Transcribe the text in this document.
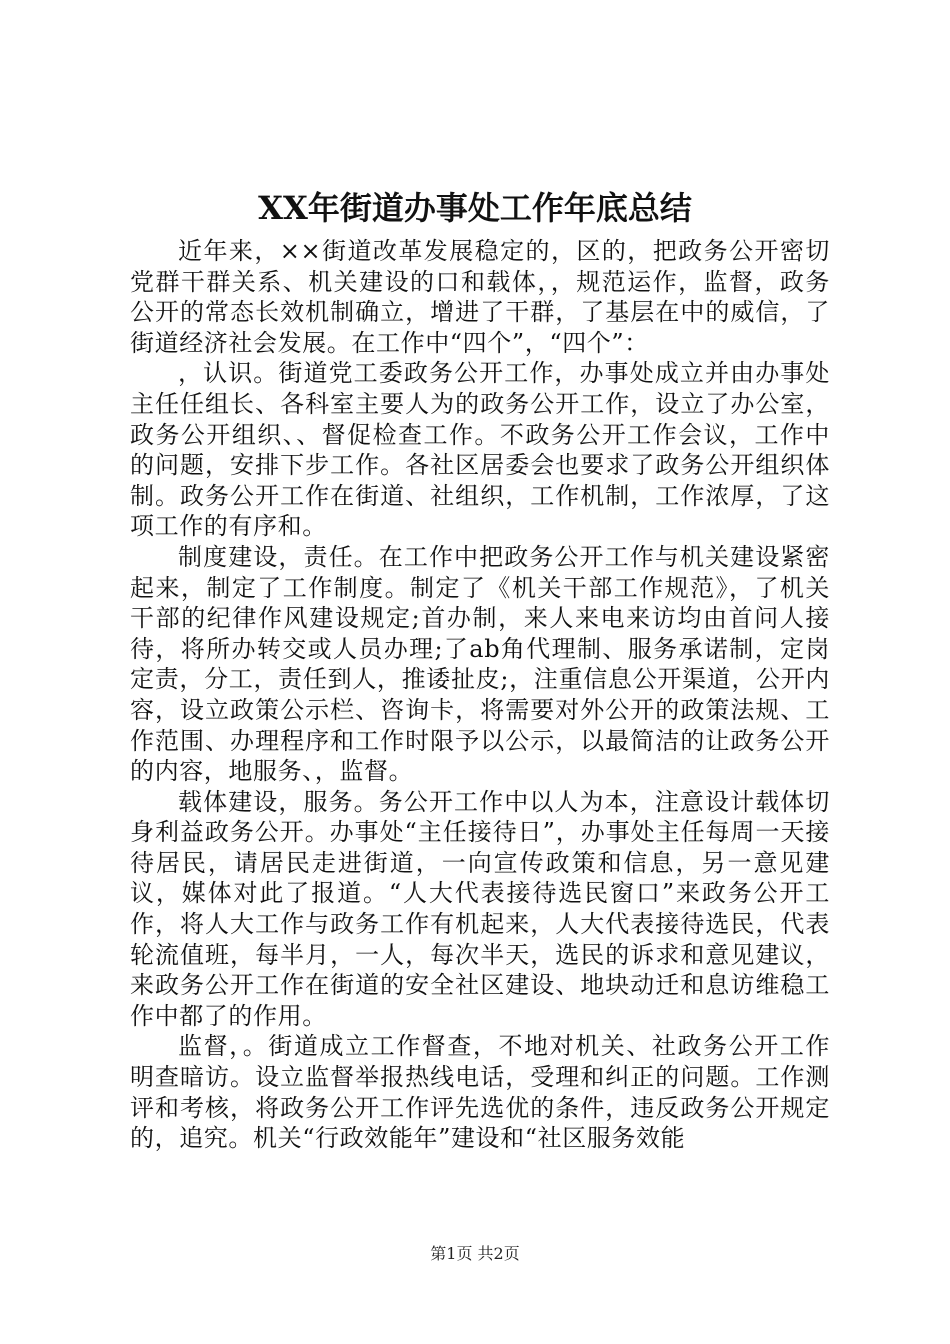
XX年街道办事处工作年底总结

近年来，××街道改革发展稳定的，区的，把政务公开密切党群干群关系、机关建设的口和载体，，规范运作，监督，政务公开的常态长效机制确立，增进了干群，了基层在中的威信，了街道经济社会发展。在工作中“四个”，“四个”：

，认识。街道党工委政务公开工作，办事处成立并由办事处主任任组长、各科室主要人为的政务公开工作，设立了办公室，政务公开组织、、督促检查工作。不政务公开工作会议，工作中的问题，安排下步工作。各社区居委会也要求了政务公开组织体制。政务公开工作在街道、社组织，工作机制，工作浓厚，了这项工作的有序和。

制度建设，责任。在工作中把政务公开工作与机关建设紧密起来，制定了工作制度。制定了《机关干部工作规范》，了机关干部的纪律作风建设规定;首办制，来人来电来访均由首问人接待，将所办转交或人员办理;了ab角代理制、服务承诺制，定岗定责，分工，责任到人，推诿扯皮;，注重信息公开渠道，公开内容，设立政策公示栏、咨询卡，将需要对外公开的政策法规、工作范围、办理程序和工作时限予以公示，以最简洁的让政务公开的内容，地服务、，监督。

载体建设，服务。务公开工作中以人为本，注意设计载体切身利益政务公开。办事处“主任接待日”，办事处主任每周一天接待居民，请居民走进街道，一向宣传政策和信息，另一意见建议，媒体对此了报道。“人大代表接待选民窗口”来政务公开工作，将人大工作与政务工作有机起来，人大代表接待选民，代表轮流值班，每半月，一人，每次半天，选民的诉求和意见建议，来政务公开工作在街道的安全社区建设、地块动迁和息访维稳工作中都了的作用。

监督，。街道成立工作督查，不地对机关、社政务公开工作明查暗访。设立监督举报热线电话，受理和纠正的问题。工作测评和考核，将政务公开工作评先选优的条件，违反政务公开规定的，追究。机关“行政效能年”建设和“社区服务效能

第1页 共2页
